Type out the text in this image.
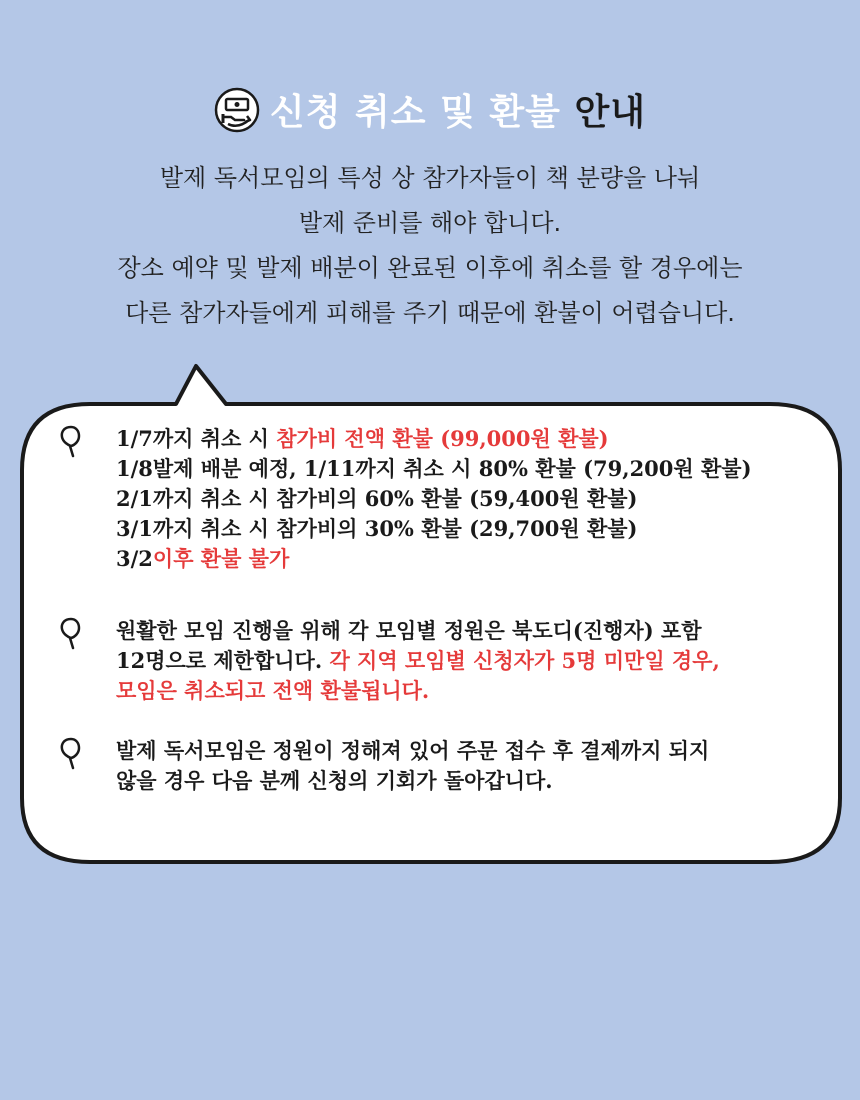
신청 취소 및 환불 안내
발제 독서모임의 특성 상 참가자들이 책 분량을 나눠
발제 준비를 해야 합니다.
장소 예약 및 발제 배분이 완료된 이후에 취소를 할 경우에는
다른 참가자들에게 피해를 주기 때문에 환불이 어렵습니다.
1/7까지 취소 시 참가비 전액 환불 (99,000원 환불)
1/8발제 배분 예정, 1/11까지 취소 시 80% 환불 (79,200원 환불)
2/1까지 취소 시 참가비의 60% 환불 (59,400원 환불)
3/1까지 취소 시 참가비의 30% 환불 (29,700원 환불)
3/2이후 환불 불가
원활한 모임 진행을 위해 각 모임별 정원은 북도디(진행자) 포함
12명으로 제한합니다. 각 지역 모임별 신청자가 5명 미만일 경우,
모임은 취소되고 전액 환불됩니다.
발제 독서모임은 정원이 정해져 있어 주문 접수 후 결제까지 되지
않을 경우 다음 분께 신청의 기회가 돌아갑니다.
